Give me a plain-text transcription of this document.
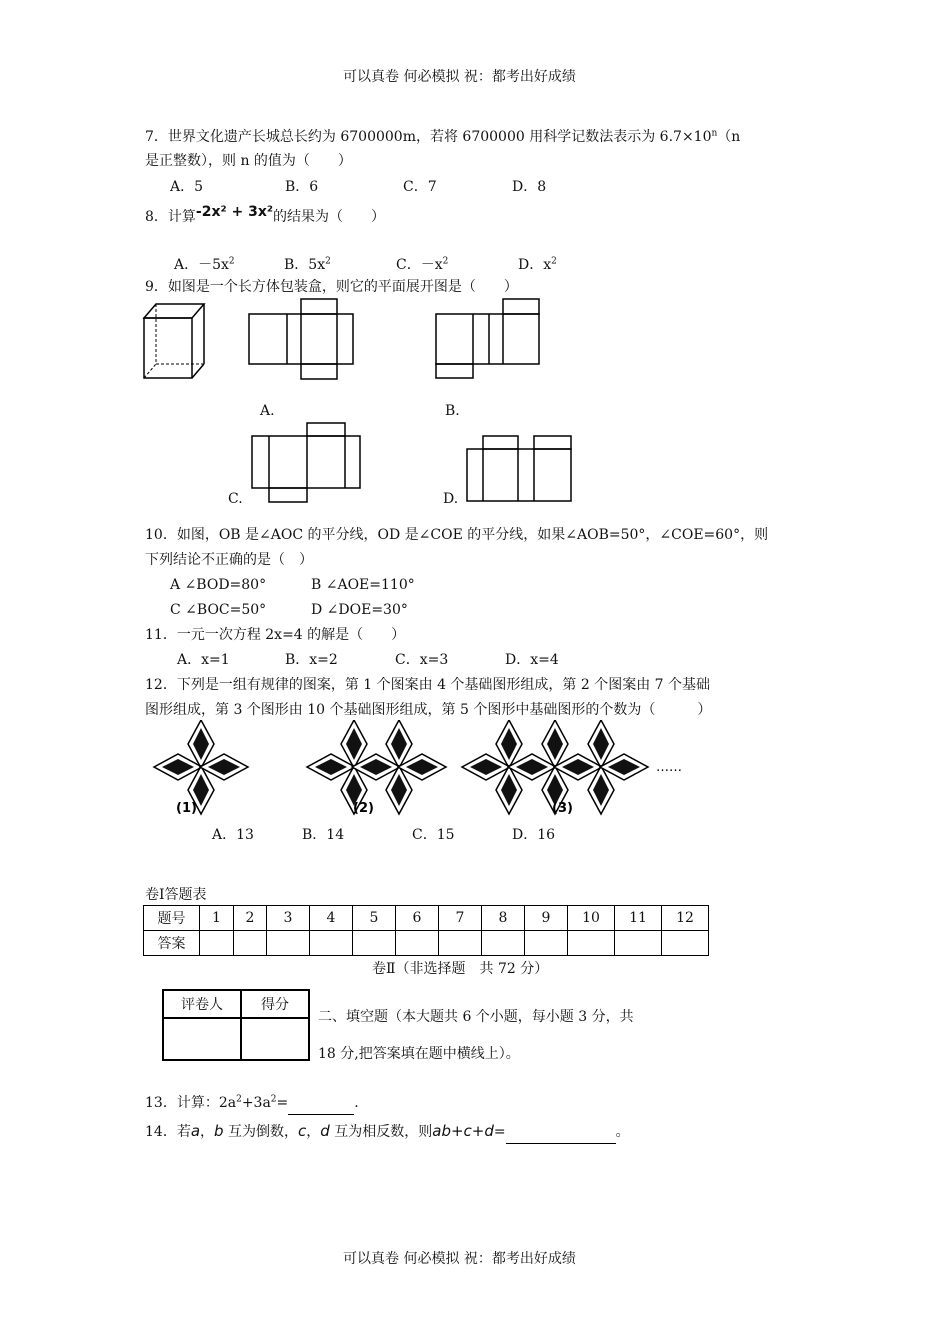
可以真卷 何必模拟 祝：都考出好成绩
可以真卷 何必模拟 祝：都考出好成绩
7．世界文化遗产长城总长约为 6700000m，若将 6700000 用科学记数法表示为 $6.7\times 10^n(n$
是正整数），则 n 的值为（　　）
A．5	B．6	C．7	D．8
8．计算-2x² + 3x²的结果为（　　）
A．$-5x^2$	B．$5x^2$	C．$-x^2$	D．$x^2$
9．如图是一个长方体包装盒，则它的平面展开图是（　　）
A.	B.
C.	D.
10．如图，OB 是∠AOC 的平分线，OD 是∠COE 的平分线，如果∠AOB=50°，∠COE=60°，则
下列结论不正确的是（　）
A ∠BOD=80°	B ∠AOE=110°
C ∠BOC=50°	D ∠DOE=30°
11．一元一次方程 2x=4 的解是（　　）
A．x=1	B．x=2	C．x=3	D．x=4
12．下列是一组有规律的图案，第 1 个图案由 4 个基础图形组成，第 2 个图案由 7 个基础
图形组成，第 3 个图形由 10 个基础图形组成，第 5 个图形中基础图形的个数为（　　　）
……
(1)	(2)	(3)
A．13	B．14	C．15	D．16
卷Ⅰ答题表
题号	1	2	3	4	5	6	7	8	9	10	11	12
答案												
卷Ⅱ（非选择题　共 72 分）
评卷人	得分

二、填空题（本大题共 6 个小题，每小题 3 分，共
18 分,把答案填在题中横线上）。
13．计算：$2a^2+3a^2=$	.
14．若a，b 互为倒数，c，d 互为相反数，则ab+c+d=	。
